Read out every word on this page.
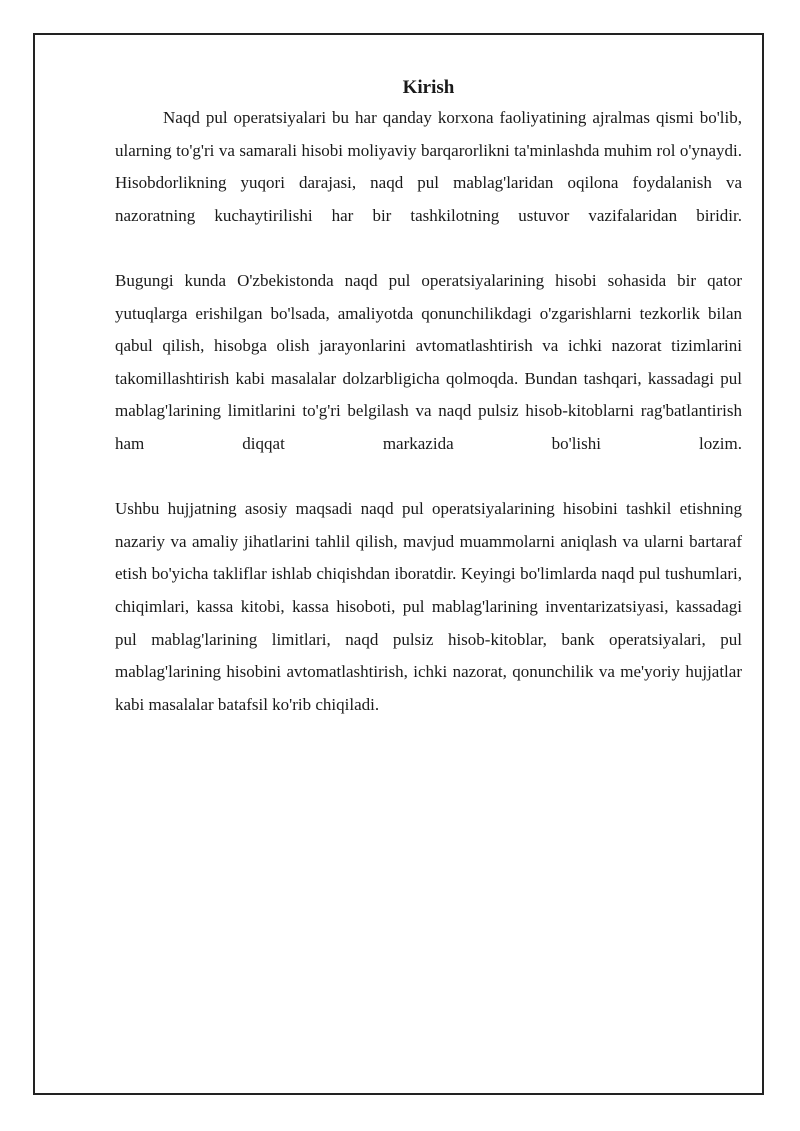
Kirish

Naqd pul operatsiyalari bu har qanday korxona faoliyatining ajralmas qismi bo'lib, ularning to'g'ri va samarali hisobi moliyaviy barqarorlikni ta'minlashda muhim rol o'ynaydi. Hisobdorlikning yuqori darajasi, naqd pul mablag'laridan oqilona foydalanish va nazoratning kuchaytirilishi har bir tashkilotning ustuvor vazifalaridan biridir.

Bugungi kunda O'zbekistonda naqd pul operatsiyalarining hisobi sohasida bir qator yutuqlarga erishilgan bo'lsada, amaliyotda qonunchilikdagi o'zgarishlarni tezkorlik bilan qabul qilish, hisobga olish jarayonlarini avtomatlashtirish va ichki nazorat tizimlarini takomillashtirish kabi masalalar dolzarbligicha qolmoqda. Bundan tashqari, kassadagi pul mablag'larining limitlarini to'g'ri belgilash va naqd pulsiz hisob-kitoblarni rag'batlantirish ham diqqat markazida bo'lishi lozim.

Ushbu hujjatning asosiy maqsadi naqd pul operatsiyalarining hisobini tashkil etishning nazariy va amaliy jihatlarini tahlil qilish, mavjud muammolarni aniqlash va ularni bartaraf etish bo'yicha takliflar ishlab chiqishdan iboratdir. Keyingi bo'limlarda naqd pul tushumlari, chiqimlari, kassa kitobi, kassa hisoboti, pul mablag'larining inventarizatsiyasi, kassadagi pul mablag'larining limitlari, naqd pulsiz hisob-kitoblar, bank operatsiyalari, pul mablag'larining hisobini avtomatlashtirish, ichki nazorat, qonunchilik va me'yoriy hujjatlar kabi masalalar batafsil ko'rib chiqiladi.
